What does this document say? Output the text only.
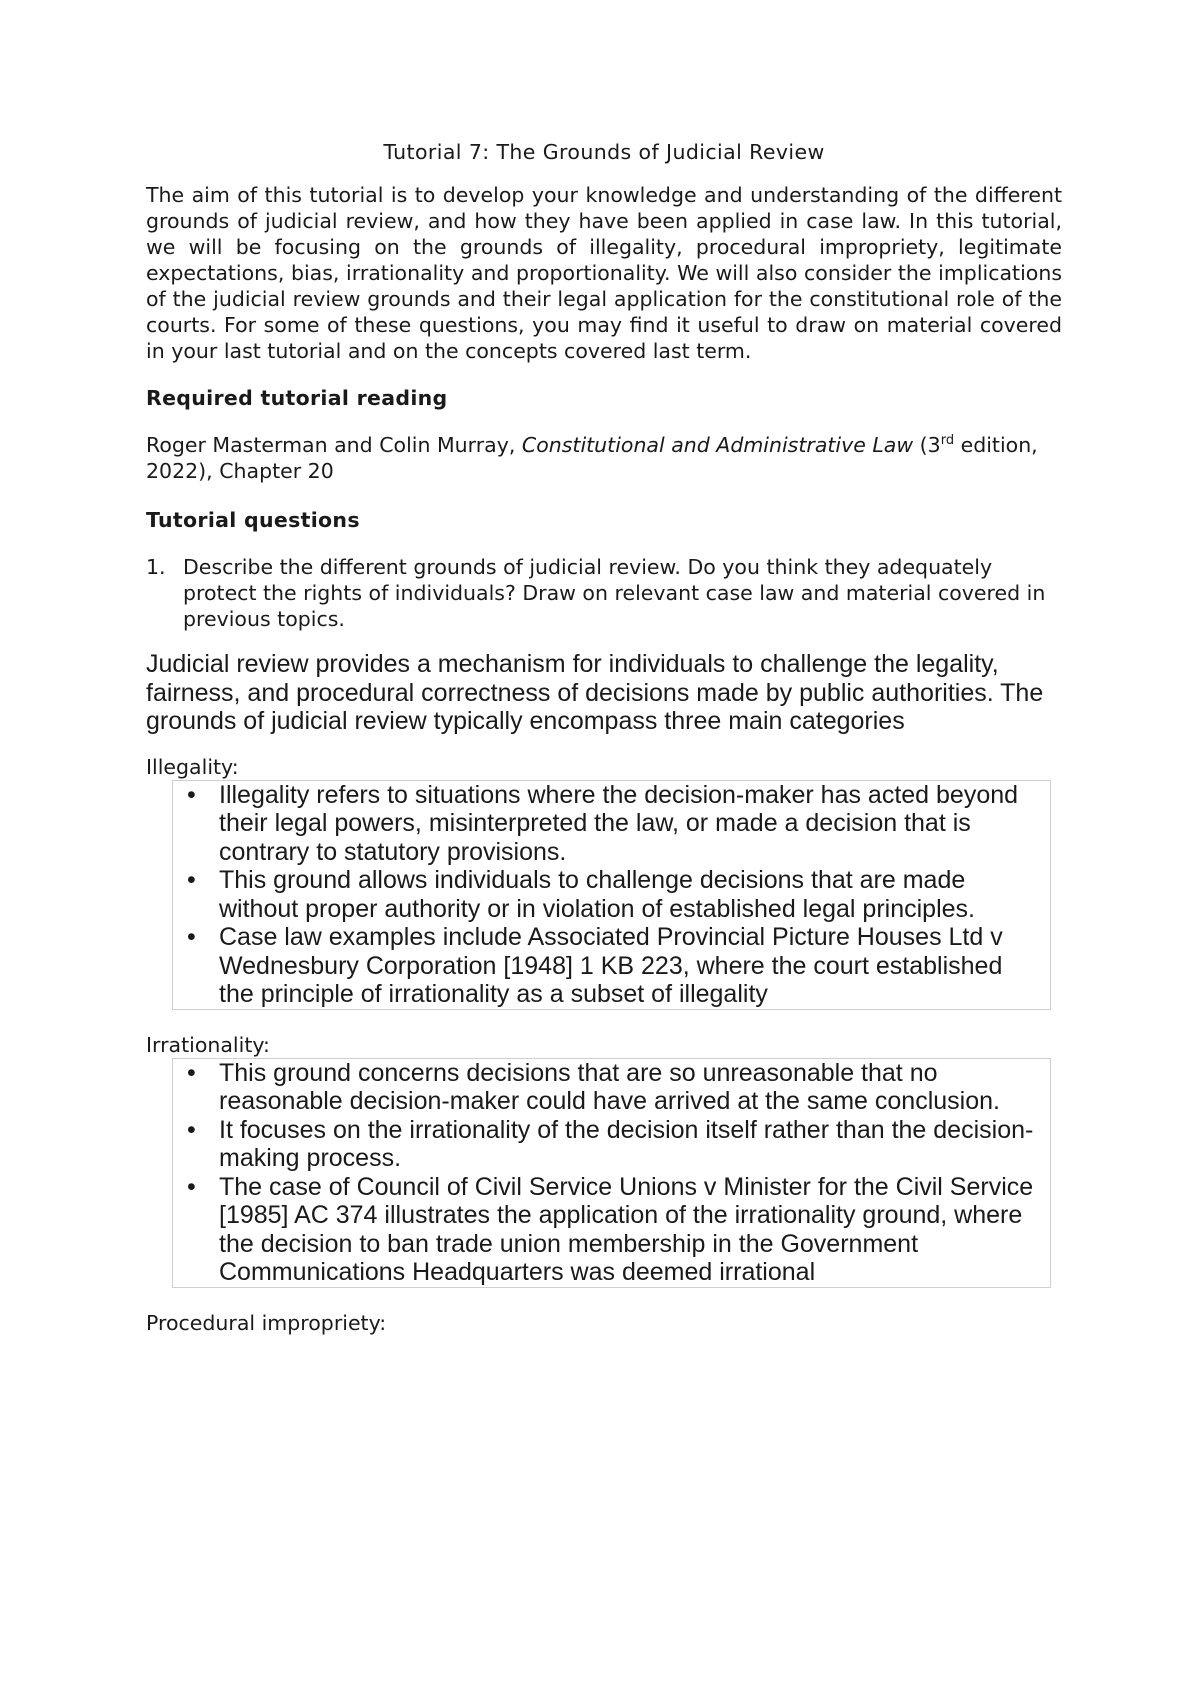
Tutorial 7: The Grounds of Judicial Review

The aim of this tutorial is to develop your knowledge and understanding of the different grounds of judicial review, and how they have been applied in case law. In this tutorial, we will be focusing on the grounds of illegality, procedural impropriety, legitimate expectations, bias, irrationality and proportionality. We will also consider the implications of the judicial review grounds and their legal application for the constitutional role of the courts. For some of these questions, you may find it useful to draw on material covered in your last tutorial and on the concepts covered last term.

Required tutorial reading

Roger Masterman and Colin Murray, Constitutional and Administrative Law (3rd edition, 2022), Chapter 20

Tutorial questions
1. Describe the different grounds of judicial review. Do you think they adequately protect the rights of individuals? Draw on relevant case law and material covered in previous topics.

Judicial review provides a mechanism for individuals to challenge the legality, fairness, and procedural correctness of decisions made by public authorities. The grounds of judicial review typically encompass three main categories

Illegality:

• Illegality refers to situations where the decision-maker has acted beyond their legal powers, misinterpreted the law, or made a decision that is contrary to statutory provisions.
• This ground allows individuals to challenge decisions that are made without proper authority or in violation of established legal principles.
• Case law examples include Associated Provincial Picture Houses Ltd v Wednesbury Corporation [1948] 1 KB 223, where the court established the principle of irrationality as a subset of illegality

Irrationality:

• This ground concerns decisions that are so unreasonable that no reasonable decision-maker could have arrived at the same conclusion.
• It focuses on the irrationality of the decision itself rather than the decision-making process.
• The case of Council of Civil Service Unions v Minister for the Civil Service [1985] AC 374 illustrates the application of the irrationality ground, where the decision to ban trade union membership in the Government Communications Headquarters was deemed irrational

Procedural impropriety:
